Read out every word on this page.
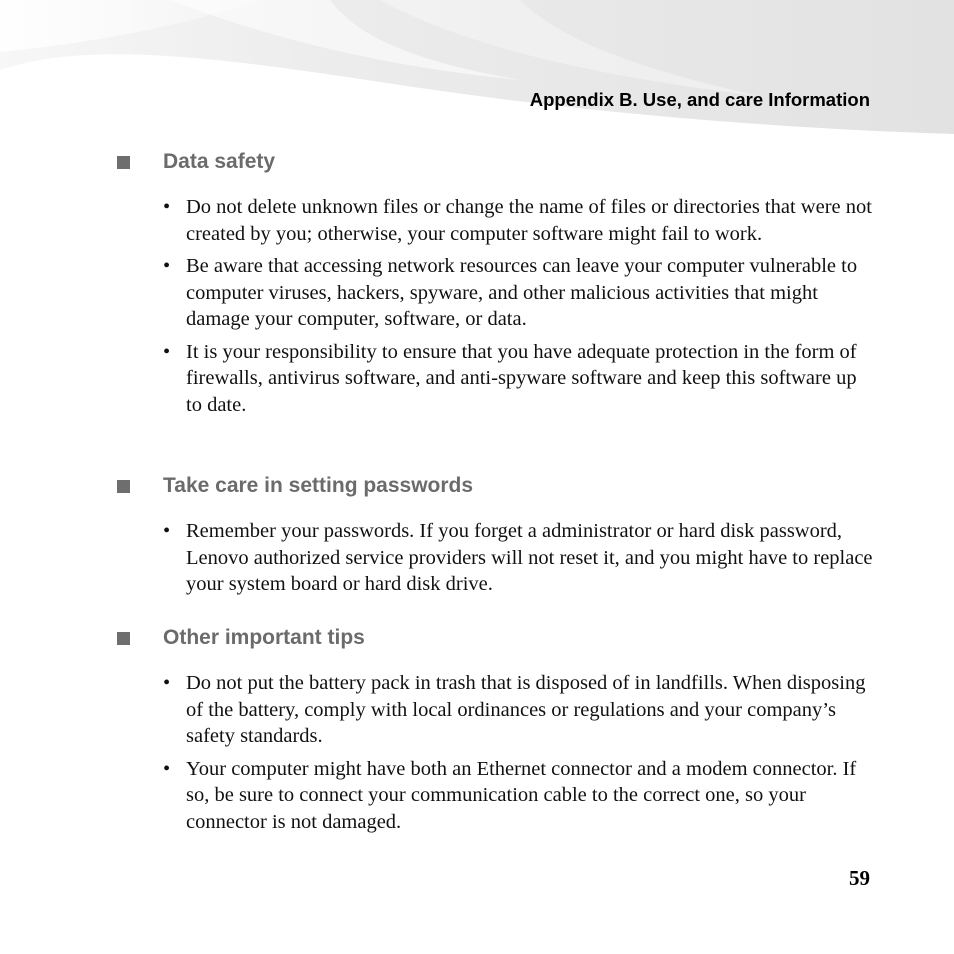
Appendix B. Use, and care Information
Data safety
• Do not delete unknown files or change the name of files or directories that were not created by you; otherwise, your computer software might fail to work.
• Be aware that accessing network resources can leave your computer vulnerable to computer viruses, hackers, spyware, and other malicious activities that might damage your computer, software, or data.
• It is your responsibility to ensure that you have adequate protection in the form of firewalls, antivirus software, and anti-spyware software and keep this software up to date.
Take care in setting passwords
• Remember your passwords. If you forget a administrator or hard disk password, Lenovo authorized service providers will not reset it, and you might have to replace your system board or hard disk drive.
Other important tips
• Do not put the battery pack in trash that is disposed of in landfills. When disposing of the battery, comply with local ordinances or regulations and your company’s safety standards.
• Your computer might have both an Ethernet connector and a modem connector. If so, be sure to connect your communication cable to the correct one, so your connector is not damaged.
59
